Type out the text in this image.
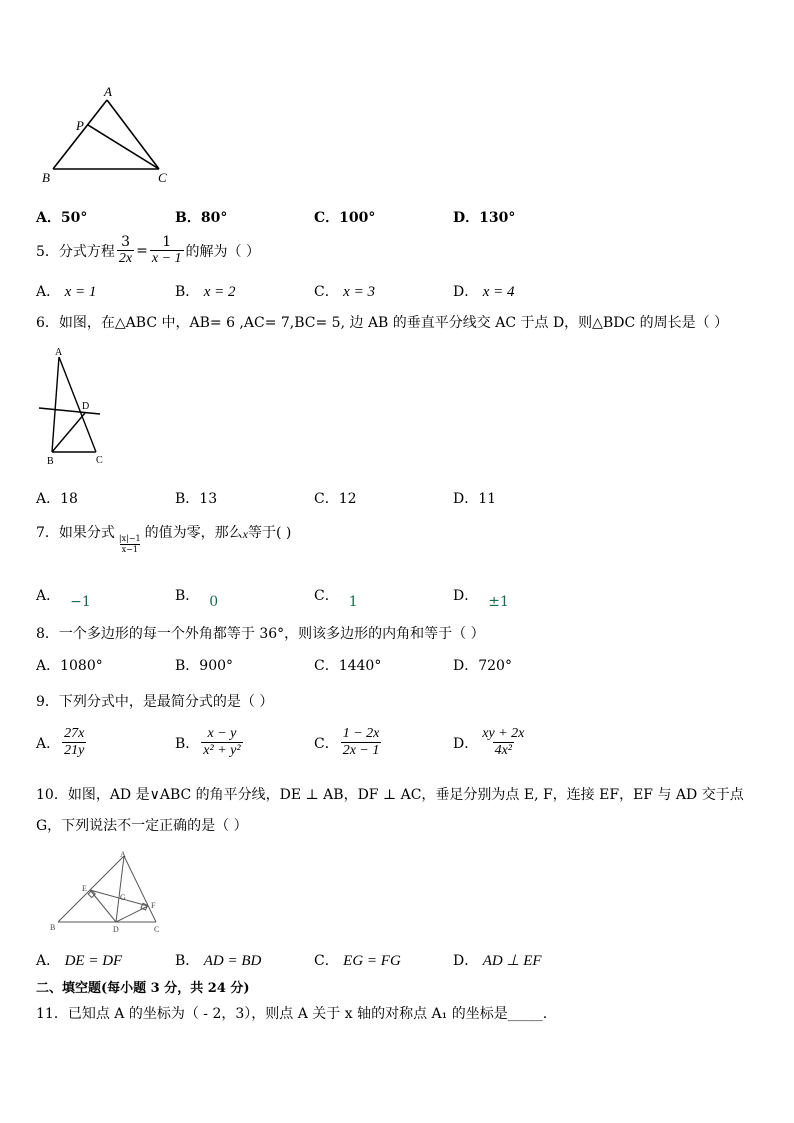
A
P
B	C
A．50°	B．80°	C．100°	D．130°
5．分式方程 $\frac{3}{2x} = \frac{1}{x - 1}$ 的解为（ ）
A． x = 1	B． x = 2	C． x = 3	D． x = 4
6．如图，在△ABC 中，AB= 6 ,AC= 7,BC= 5, 边 AB 的垂直平分线交 AC 于点 D，则△BDC 的周长是（ ）
A
D
B	C
A．18	B．13	C．12	D．11
7．如果分式
$\frac{|x|-1}{x-1}$
的值为零，那么 x 等于( )
A． −1	B． 0	C． 1	D． ±1
8．一个多边形的每一个外角都等于 36°，则该多边形的内角和等于（ ）
A．1080°	B．900°	C．1440°	D．720°
9．下列分式中，是最简分式的是（ ）
A． $\frac{27x}{21y}$	B． $\frac{x - y}{\text{x² + y²}}$	C． $\frac{1 - 2x}{2x - 1}$	D． $\frac{xy + 2x}{\text{4x²}}$
10．如图，AD 是∨ABC 的角平分线，DE ⊥ AB，DF ⊥ AC，垂足分别为点 E, F，连接 EF，EF 与 AD 交于点
G，下列说法不一定正确的是（ ）
A
E
G
F
B	D	C
A． DE = DF	B． AD = BD	C． EG = FG	D． AD ⊥ EF
二、填空题(每小题 3 分，共 24 分)
11．已知点 A 的坐标为（ - 2，3），则点 A 关于 x 轴的对称点 A₁ 的坐标是_____.
